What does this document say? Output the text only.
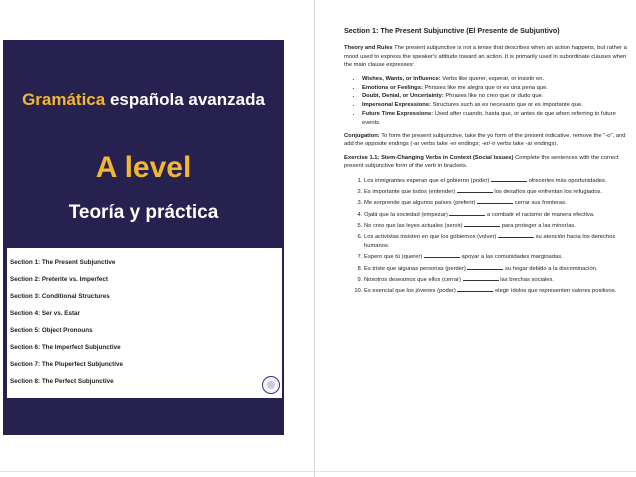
Gramática española avanzada
A level
Teoría y práctica
Section 1: The Present Subjunctive
Section 2: Preterite vs. Imperfect
Section 3: Conditional Structures
Section 4: Ser vs. Estar
Section 5: Object Pronouns
Section 6: The Imperfect Subjunctive
Section 7: The Pluperfect Subjunctive
Section 8: The Perfect Subjunctive
Section 1: The Present Subjunctive (El Presente de Subjuntivo)

Theory and Rules The present subjunctive is not a tense that describes when an action happens, but rather a mood used to express the speaker's attitude toward an action. It is primarily used in subordinate clauses when the main clause expresses:

• Wishes, Wants, or Influence: Verbs like querer, esperar, or insistir en.
• Emotions or Feelings: Phrases like me alegra que or es una pena que.
• Doubt, Denial, or Uncertainty: Phrases like no creo que or dudo que.
• Impersonal Expressions: Structures such as es necesario que or es importante que.
• Future Time Expressions: Used after cuando, hasta que, or antes de que when referring to future events.

Conjugation: To form the present subjunctive, take the yo form of the present indicative, remove the "-o", and add the opposite endings (-ar verbs take -er endings; -er/-ir verbs take -ar endings).

Exercise 1.1: Stem-Changing Verbs in Context (Social Issues) Complete the sentences with the correct present subjunctive form of the verb in brackets.

1. Los inmigrantes esperan que el gobierno (poder)	ofrecerles más oportunidades.
2. Es importante que todos (entender)	los desafíos que enfrentan los refugiados.
3. Me sorprende que algunos países (preferir)	cerrar sus fronteras.
4. Ojalá que la sociedad (empezar)	a combatir el racismo de manera efectiva.
5. No creo que las leyes actuales (servir)	para proteger a las minorías.
6. Los activistas insisten en que los gobiernos (volver)	su atención hacia los derechos humanos.
7. Espero que tú (querer)	apoyar a las comunidades marginadas.
8. Es triste que algunas personas (perder)	su hogar debido a la discriminación.
9. Nosotros deseamos que ellos (cerrar)	las brechas sociales.
10. Es esencial que los jóvenes (poder)	elegir ídolos que representen valores positivos.
